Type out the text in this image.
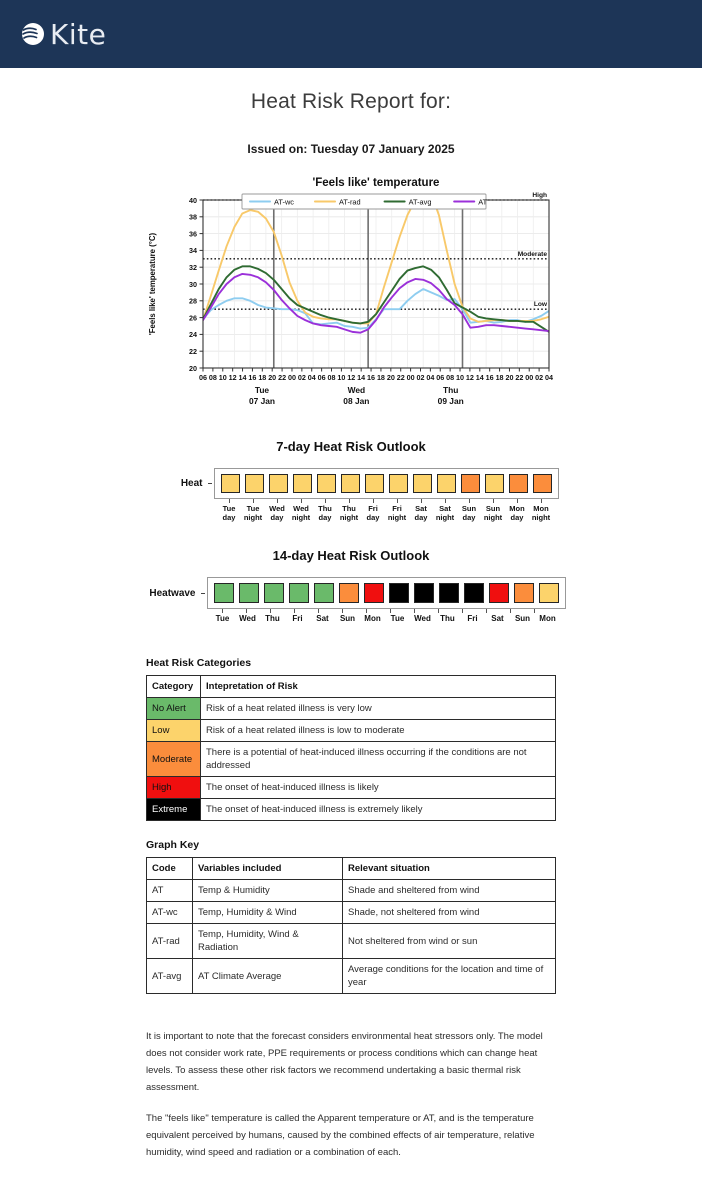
Kite
Heat Risk Report for:
Issued on: Tuesday 07 January 2025
'Feels like' temperature
High
Moderate
Low
20
22
24
26
28
30
32
34
36
38
40
'Feels like' temperature (°C)
06 08 10 12 14 16 18 20 22 00 02 04 06 08 10 12 14 16 18 20 22 00 02 04 06 08 10 12 14 16 18 20 22 00 02 04
Tue
07 Jan
Wed
08 Jan
Thu
09 Jan
AT-wc	AT-rad	AT-avg	AT
7-day Heat Risk Outlook
Heat
Tue
day
Tue
night
Wed
day
Wed
night
Thu
day
Thu
night
Fri
day
Fri
night
Sat
day
Sat
night
Sun
day
Sun
night
Mon
day
Mon
night
14-day Heat Risk Outlook
Heatwave
Tue	Wed	Thu	Fri	Sat	Sun	Mon	Tue	Wed	Thu	Fri	Sat	Sun	Mon
Heat Risk Categories
Category	Intepretation of Risk
No Alert	Risk of a heat related illness is very low
Low	Risk of a heat related illness is low to moderate
Moderate	There is a potential of heat-induced illness occurring if the conditions are not addressed
High	The onset of heat-induced illness is likely
Extreme	The onset of heat-induced illness is extremely likely
Graph Key
Code	Variables included	Relevant situation
AT	Temp & Humidity	Shade and sheltered from wind
AT-wc	Temp, Humidity & Wind	Shade, not sheltered from wind
AT-rad	Temp, Humidity, Wind & Radiation	Not sheltered from wind or sun
AT-avg	AT Climate Average	Average conditions for the location and time of year

It is important to note that the forecast considers environmental heat stressors only. The model does not consider work rate, PPE requirements or process conditions which can change heat levels. To assess these other risk factors we recommend undertaking a basic thermal risk assessment.

The "feels like" temperature is called the Apparent temperature or AT, and is the temperature equivalent perceived by humans, caused by the combined effects of air temperature, relative humidity, wind speed and radiation or a combination of each.
